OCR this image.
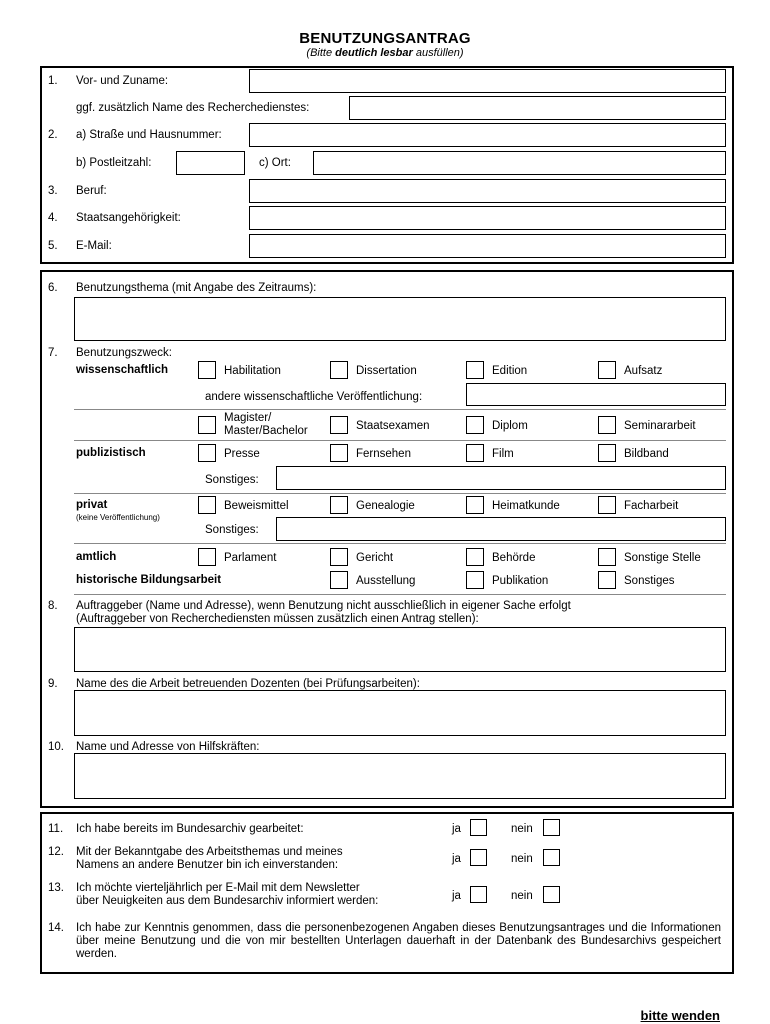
BENUTZUNGSANTRAG
(Bitte deutlich lesbar ausfüllen)
1. Vor- und Zuname:
ggf. zusätzlich Name des Recherchedienstes:
2. a) Straße und Hausnummer:
b) Postleitzahl:	c) Ort:
3. Beruf:
4. Staatsangehörigkeit:
5. E-Mail:
6. Benutzungsthema (mit Angabe des Zeitraums):
7. Benutzungszweck:
wissenschaftlich	Habilitation	Dissertation	Edition	Aufsatz
andere wissenschaftliche Veröffentlichung:
Magister/
Master/Bachelor	Staatsexamen	Diplom	Seminararbeit
publizistisch	Presse	Fernsehen	Film	Bildband
Sonstiges:
privat
(keine Veröffentlichung)
Beweismittel	Genealogie	Heimatkunde	Facharbeit
Sonstiges:
amtlich	Parlament	Gericht	Behörde	Sonstige Stelle
historische Bildungsarbeit	Ausstellung	Publikation	Sonstiges
8. Auftraggeber (Name und Adresse), wenn Benutzung nicht ausschließlich in eigener Sache erfolgt
(Auftraggeber von Recherchediensten müssen zusätzlich einen Antrag stellen):
9. Name des die Arbeit betreuenden Dozenten (bei Prüfungsarbeiten):
10. Name und Adresse von Hilfskräften:
11. Ich habe bereits im Bundesarchiv gearbeitet:	ja	nein
12. Mit der Bekanntgabe des Arbeitsthemas und meines
Namens an andere Benutzer bin ich einverstanden:	ja	nein
13. Ich möchte vierteljährlich per E-Mail mit dem Newsletter
über Neuigkeiten aus dem Bundesarchiv informiert werden:	ja	nein
14. Ich habe zur Kenntnis genommen, dass die personenbezogenen Angaben dieses Benutzungsantrages und die Informationen über meine Benutzung und die von mir bestellten Unterlagen dauerhaft in der Datenbank des Bundesarchivs gespeichert werden.
bitte wenden
